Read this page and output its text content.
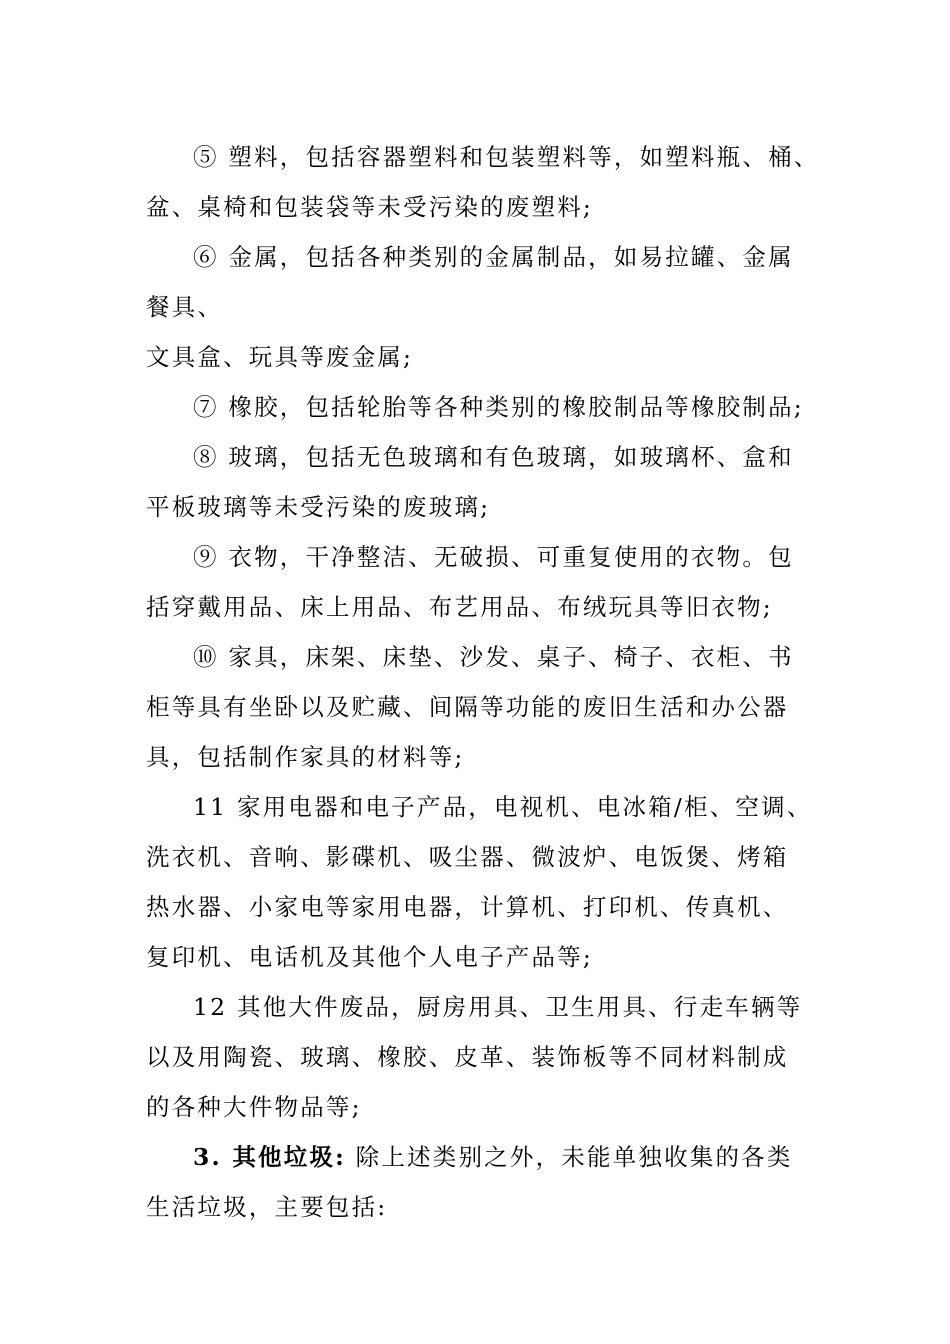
⑤ 塑料，包括容器塑料和包装塑料等，如塑料瓶、桶、
盆、桌椅和包装袋等未受污染的废塑料;
⑥ 金属，包括各种类别的金属制品，如易拉罐、金属
餐具、
文具盒、玩具等废金属;
⑦ 橡胶，包括轮胎等各种类别的橡胶制品等橡胶制品;
⑧ 玻璃，包括无色玻璃和有色玻璃，如玻璃杯、盒和
平板玻璃等未受污染的废玻璃;
⑨ 衣物，干净整洁、无破损、可重复使用的衣物。包
括穿戴用品、床上用品、布艺用品、布绒玩具等旧衣物;
⑩ 家具，床架、床垫、沙发、桌子、椅子、衣柜、书
柜等具有坐卧以及贮藏、间隔等功能的废旧生活和办公器
具，包括制作家具的材料等;
11 家用电器和电子产品，电视机、电冰箱/柜、空调、
洗衣机、音响、影碟机、吸尘器、微波炉、电饭煲、烤箱
热水器、小家电等家用电器，计算机、打印机、传真机、
复印机、电话机及其他个人电子产品等;
12 其他大件废品，厨房用具、卫生用具、行走车辆等
以及用陶瓷、玻璃、橡胶、皮革、装饰板等不同材料制成
的各种大件物品等;
3. 其他垃圾: 除上述类别之外，未能单独收集的各类
生活垃圾，主要包括:
